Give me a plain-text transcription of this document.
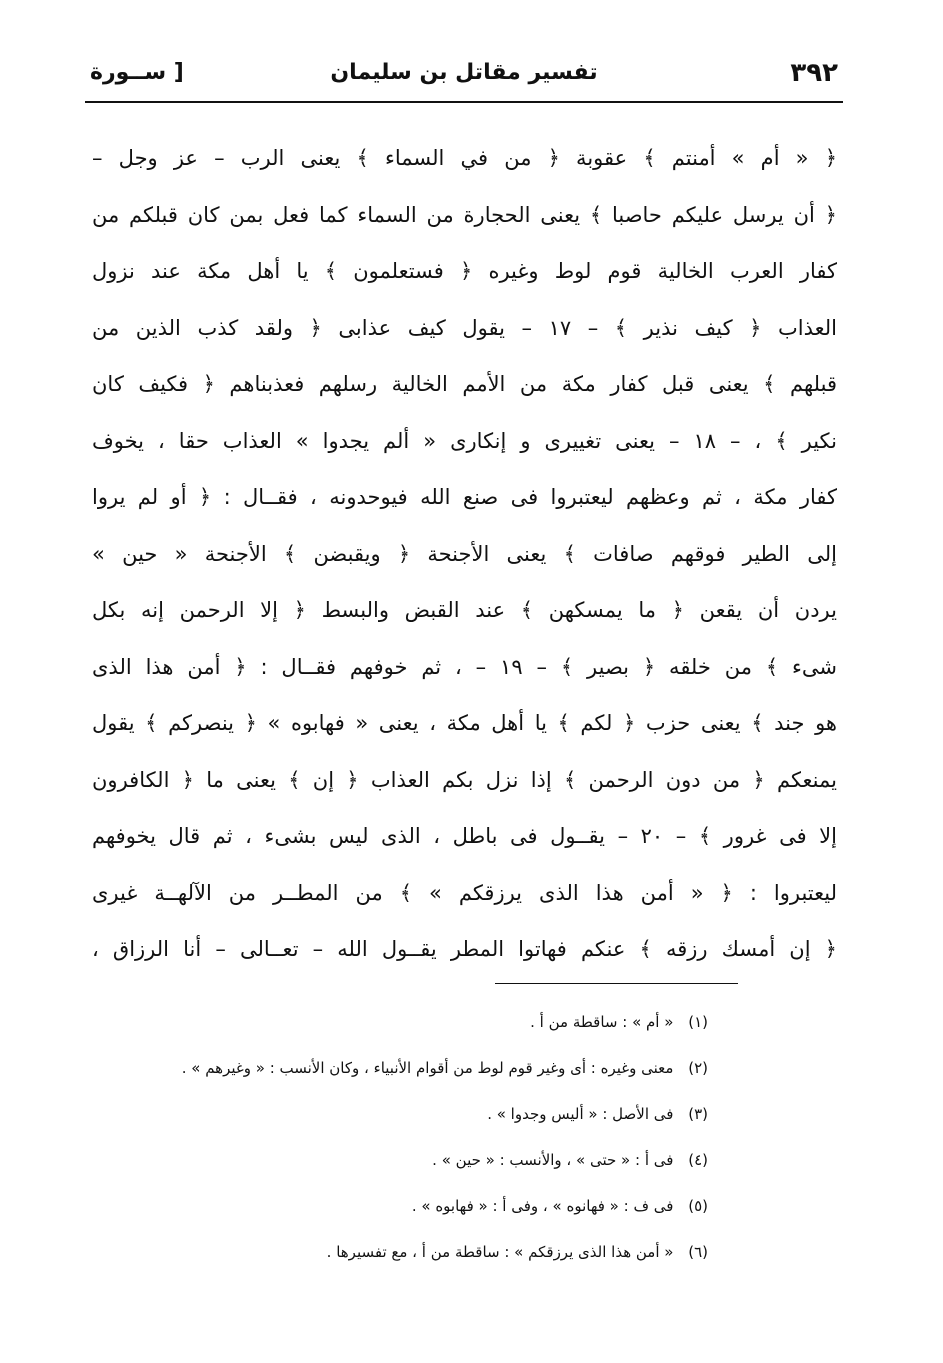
٣٩٢
تفسير مقاتل بن سليمان
[ ســورة
﴿ « أم » أمنتم ﴾ عقوبة ﴿ من في السماء ﴾ يعنى الرب – عز وجل –
﴿ أن يرسل عليكم حاصبا ﴾ يعنى الحجارة من السماء كما فعل بمن كان قبلكم من
كفار العرب الخالية قوم لوط وغيره ﴿ فستعلمون ﴾ يا أهل مكة عند نزول
العذاب ﴿ كيف نذير ﴾ – ١٧ – يقول كيف عذابى ﴿ ولقد كذب الذين من
قبلهم ﴾ يعنى قبل كفار مكة من الأمم الخالية رسلهم فعذبناهم ﴿ فكيف كان
نكير ﴾ ، – ١٨ – يعنى تغييرى و إنكارى « ألم يجدوا » العذاب حقا ، يخوف
كفار مكة ، ثم وعظهم ليعتبروا فى صنع الله فيوحدونه ، فقــال : ﴿ أو لم يروا
إلى الطير فوقهم صافات ﴾ يعنى الأجنحة ﴿ ويقبضن ﴾ الأجنحة « حين »
يردن أن يقعن ﴿ ما يمسكهن ﴾ عند القبض والبسط ﴿ إلا الرحمن إنه بكل
شىء ﴾ من خلقه ﴿ بصير ﴾ – ١٩ – ، ثم خوفهم فقــال : ﴿ أمن هذا الذى
هو جند ﴾ يعنى حزب ﴿ لكم ﴾ يا أهل مكة ، يعنى « فهابوه » ﴿ ينصركم ﴾ يقول
يمنعكم ﴿ من دون الرحمن ﴾ إذا نزل بكم العذاب ﴿ إن ﴾ يعنى ما ﴿ الكافرون
إلا فى غرور ﴾ – ٢٠ – يقــول فى باطل ، الذى ليس بشىء ، ثم قال يخوفهم
ليعتبروا : ﴿ « أمن هذا الذى يرزقكم » ﴾ من المطــر من الآلهــة غيرى
﴿ إن أمسك رزقه ﴾ عنكم فهاتوا المطر يقــول الله – تعــالى – أنا الرزاق ،
(١) « أم » : ساقطة من أ .
(٢) معنى وغيره : أى وغير قوم لوط من أقوام الأنبياء ، وكان الأنسب : « وغيرهم » .
(٣) فى الأصل : « أليس وجدوا » .
(٤) فى أ : « حتى » ، والأنسب : « حين » .
(٥) فى ف : « فهانوه » ، وفى أ : « فهابوه » .
(٦) « أمن هذا الذى يرزقكم » : ساقطة من أ ، مع تفسيرها .
